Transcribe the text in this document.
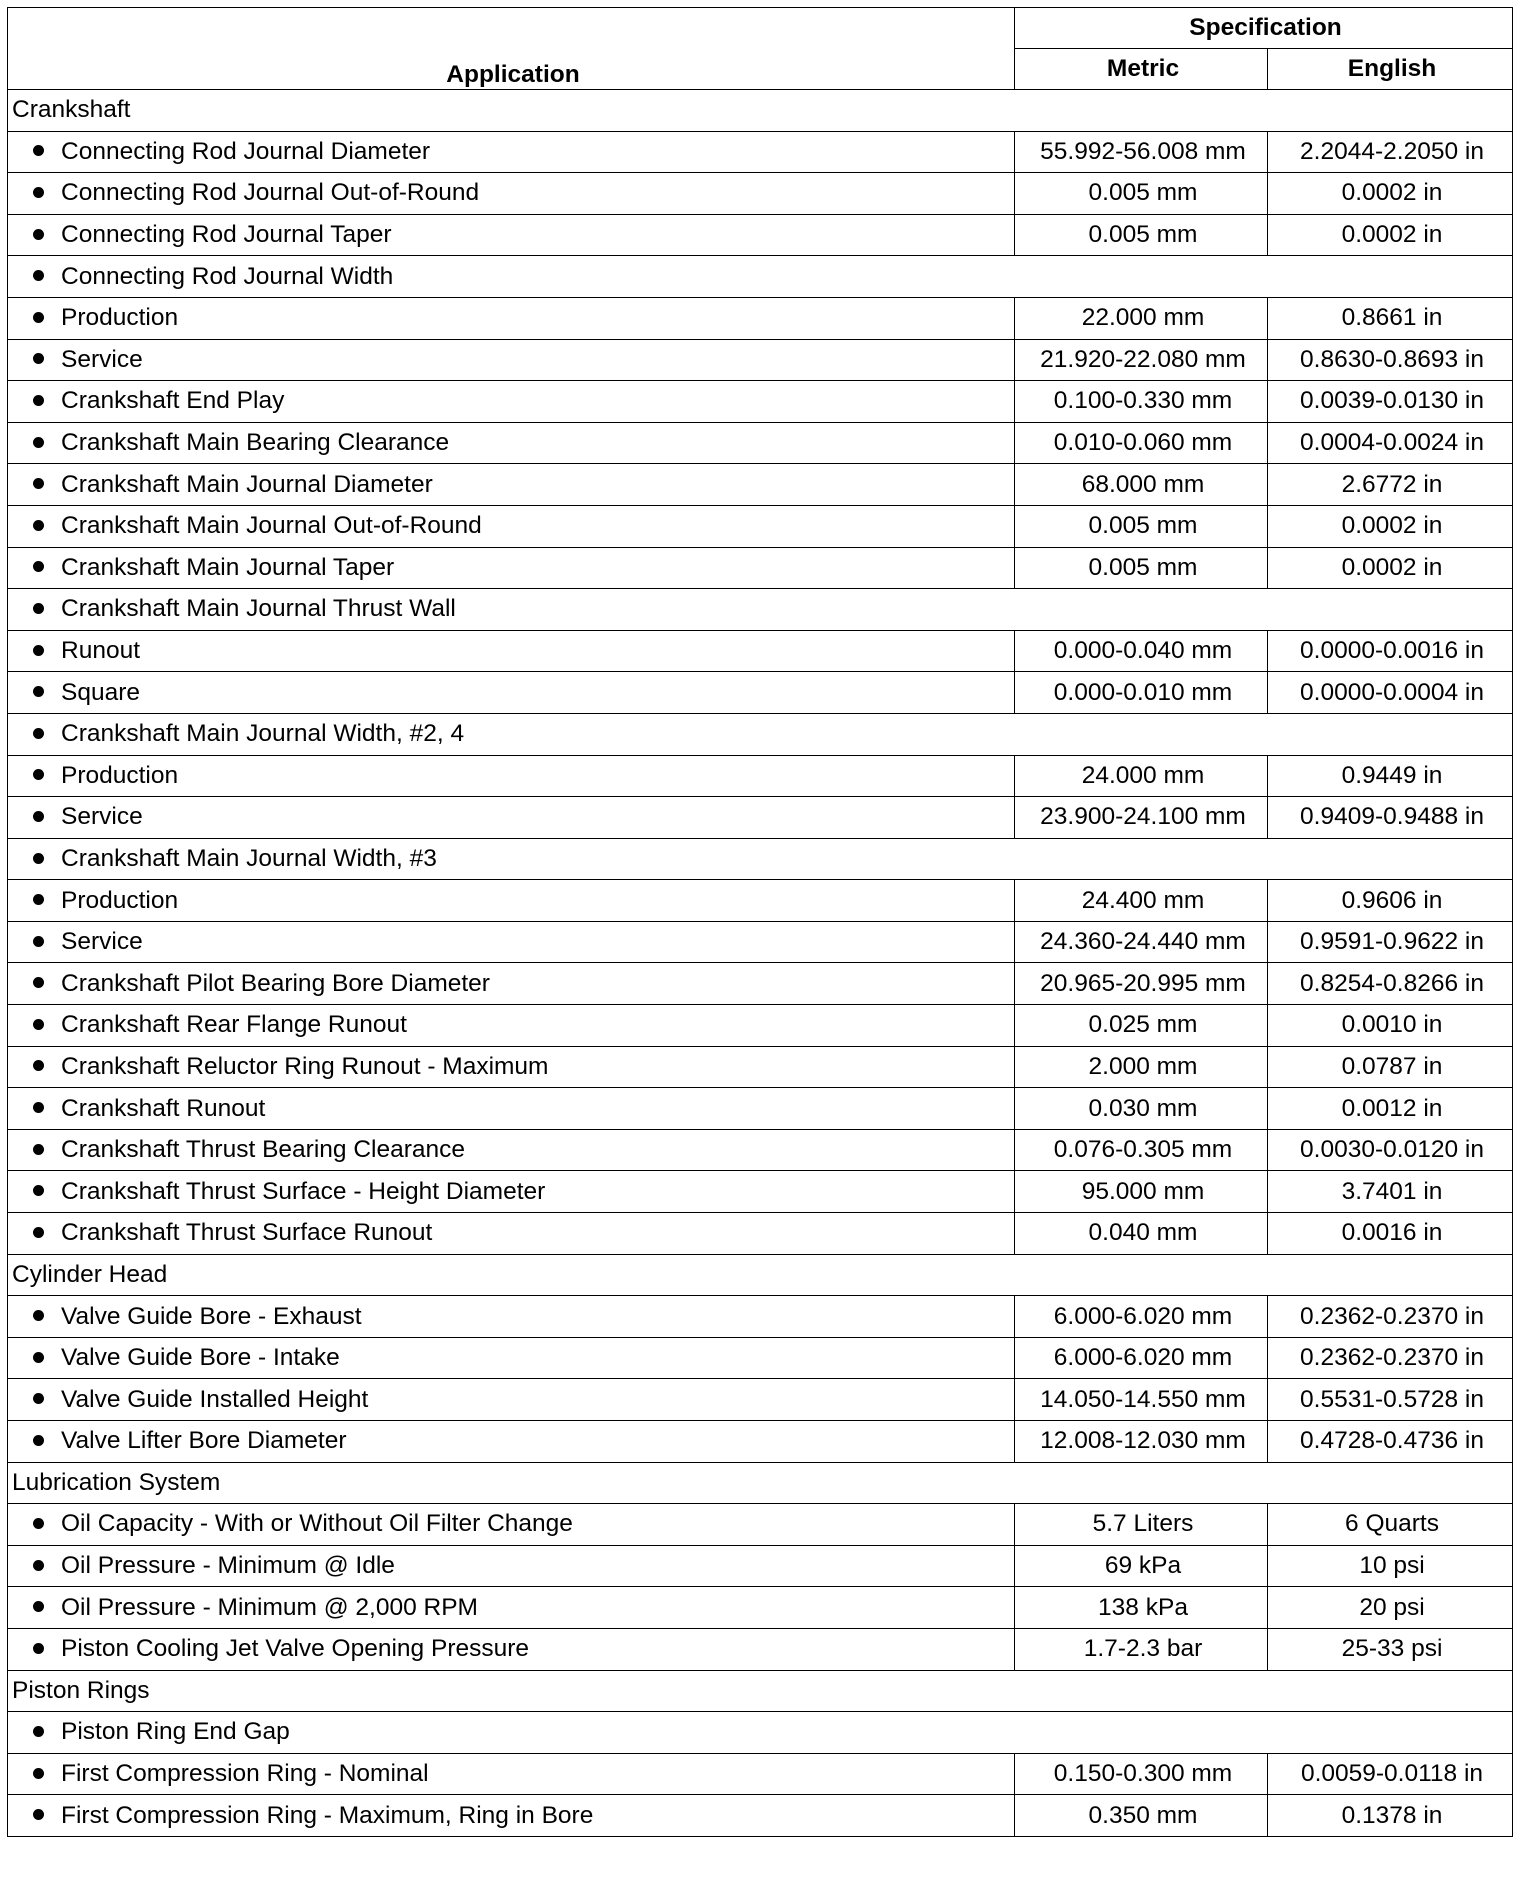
Application	Specification	
	Metric	English
Crankshaft		
Connecting Rod Journal Diameter	55.992-56.008 mm	2.2044-2.2050 in
Connecting Rod Journal Out-of-Round	0.005 mm	0.0002 in
Connecting Rod Journal Taper	0.005 mm	0.0002 in
Connecting Rod Journal Width		
Production	22.000 mm	0.8661 in
Service	21.920-22.080 mm	0.8630-0.8693 in
Crankshaft End Play	0.100-0.330 mm	0.0039-0.0130 in
Crankshaft Main Bearing Clearance	0.010-0.060 mm	0.0004-0.0024 in
Crankshaft Main Journal Diameter	68.000 mm	2.6772 in
Crankshaft Main Journal Out-of-Round	0.005 mm	0.0002 in
Crankshaft Main Journal Taper	0.005 mm	0.0002 in
Crankshaft Main Journal Thrust Wall		
Runout	0.000-0.040 mm	0.0000-0.0016 in
Square	0.000-0.010 mm	0.0000-0.0004 in
Crankshaft Main Journal Width, #2, 4		
Production	24.000 mm	0.9449 in
Service	23.900-24.100 mm	0.9409-0.9488 in
Crankshaft Main Journal Width, #3		
Production	24.400 mm	0.9606 in
Service	24.360-24.440 mm	0.9591-0.9622 in
Crankshaft Pilot Bearing Bore Diameter	20.965-20.995 mm	0.8254-0.8266 in
Crankshaft Rear Flange Runout	0.025 mm	0.0010 in
Crankshaft Reluctor Ring Runout - Maximum	2.000 mm	0.0787 in
Crankshaft Runout	0.030 mm	0.0012 in
Crankshaft Thrust Bearing Clearance	0.076-0.305 mm	0.0030-0.0120 in
Crankshaft Thrust Surface - Height Diameter	95.000 mm	3.7401 in
Crankshaft Thrust Surface Runout	0.040 mm	0.0016 in
Cylinder Head		
Valve Guide Bore - Exhaust	6.000-6.020 mm	0.2362-0.2370 in
Valve Guide Bore - Intake	6.000-6.020 mm	0.2362-0.2370 in
Valve Guide Installed Height	14.050-14.550 mm	0.5531-0.5728 in
Valve Lifter Bore Diameter	12.008-12.030 mm	0.4728-0.4736 in
Lubrication System		
Oil Capacity - With or Without Oil Filter Change	5.7 Liters	6 Quarts
Oil Pressure - Minimum @ Idle	69 kPa	10 psi
Oil Pressure - Minimum @ 2,000 RPM	138 kPa	20 psi
Piston Cooling Jet Valve Opening Pressure	1.7-2.3 bar	25-33 psi
Piston Rings		
Piston Ring End Gap		
First Compression Ring - Nominal	0.150-0.300 mm	0.0059-0.0118 in
First Compression Ring - Maximum, Ring in Bore	0.350 mm	0.1378 in
